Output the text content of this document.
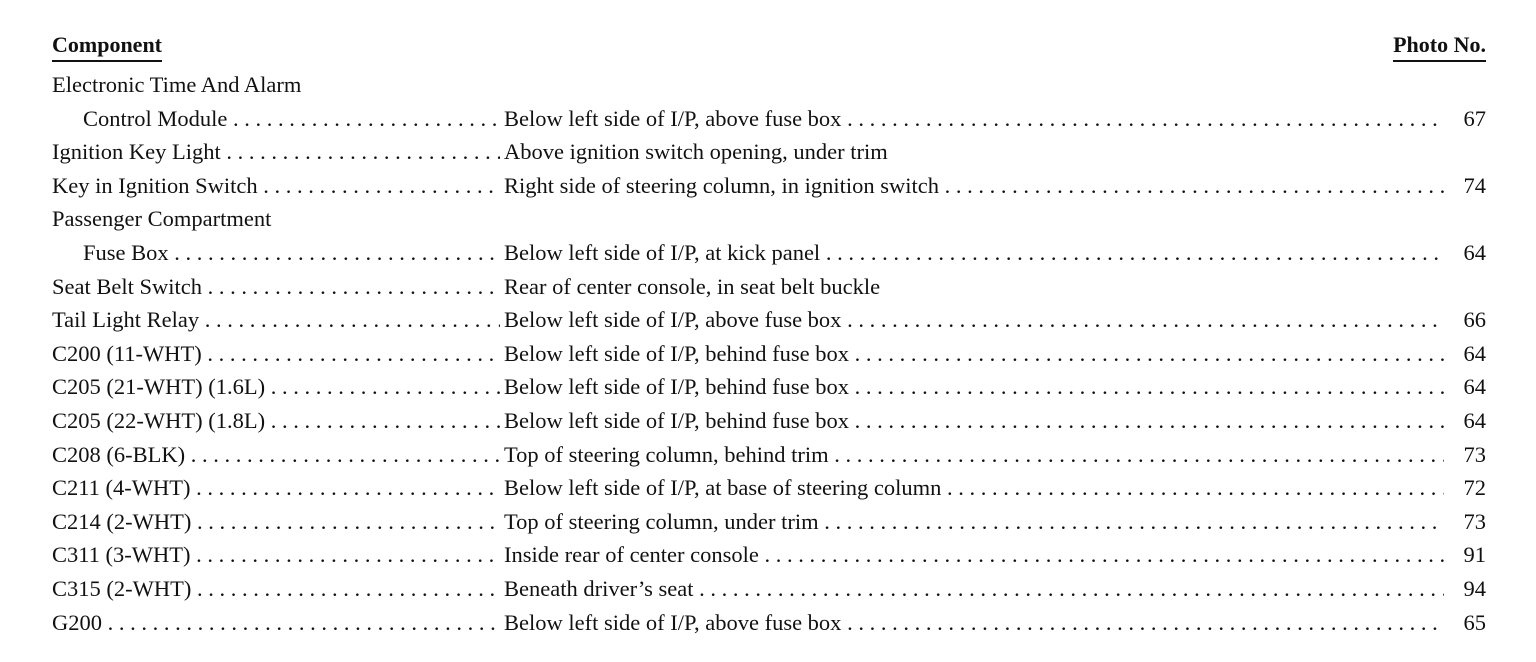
Component	Photo No.
Electronic Time And Alarm
Control Module . . .	Below left side of I/P, above fuse box . . .	67
Ignition Key Light . . .	Above ignition switch opening, under trim
Key in Ignition Switch . . .	Right side of steering column, in ignition switch . . .	74
Passenger Compartment
Fuse Box . . .	Below left side of I/P, at kick panel . . .	64
Seat Belt Switch . . .	Rear of center console, in seat belt buckle
Tail Light Relay . . .	Below left side of I/P, above fuse box . . .	66
C200 (11-WHT) . . .	Below left side of I/P, behind fuse box . . .	64
C205 (21-WHT) (1.6L) . . .	Below left side of I/P, behind fuse box . . .	64
C205 (22-WHT) (1.8L) . . .	Below left side of I/P, behind fuse box . . .	64
C208 (6-BLK) . . .	Top of steering column, behind trim . . .	73
C211 (4-WHT) . . .	Below left side of I/P, at base of steering column . . .	72
C214 (2-WHT) . . .	Top of steering column, under trim . . .	73
C311 (3-WHT) . . .	Inside rear of center console . . .	91
C315 (2-WHT) . . .	Beneath driver’s seat . . .	94
G200 . . .	Below left side of I/P, above fuse box . . .	65
